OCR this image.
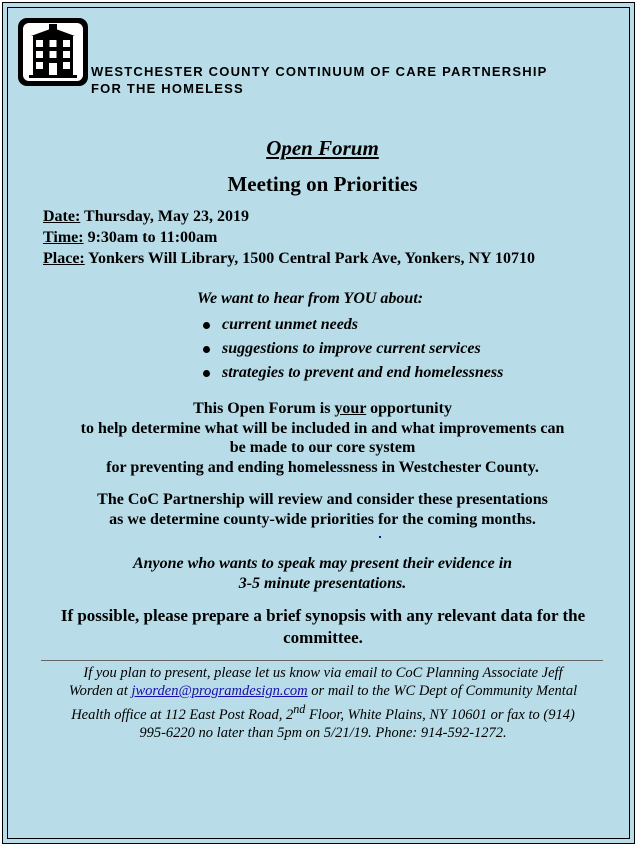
WESTCHESTER COUNTY CONTINUUM OF CARE PARTNERSHIP
FOR THE HOMELESS
Open Forum
Meeting on Priorities
Date: Thursday, May 23, 2019
Time: 9:30am to 11:00am
Place: Yonkers Will Library, 1500 Central Park Ave, Yonkers, NY 10710
We want to hear from YOU about:
current unmet needs
suggestions to improve current services
strategies to prevent and end homelessness
This Open Forum is your opportunity
to help determine what will be included in and what improvements can
be made to our core system
for preventing and ending homelessness in Westchester County.
The CoC Partnership will review and consider these presentations
as we determine county-wide priorities for the coming months.
Anyone who wants to speak may present their evidence in
3-5 minute presentations.
If possible, please prepare a brief synopsis with any relevant data for the
committee.
If you plan to present, please let us know via email to CoC Planning Associate Jeff
Worden at jworden@programdesign.com or mail to the WC Dept of Community Mental
Health office at 112 East Post Road, 2nd Floor, White Plains, NY 10601 or fax to (914)
995-6220 no later than 5pm on 5/21/19. Phone: 914-592-1272.
